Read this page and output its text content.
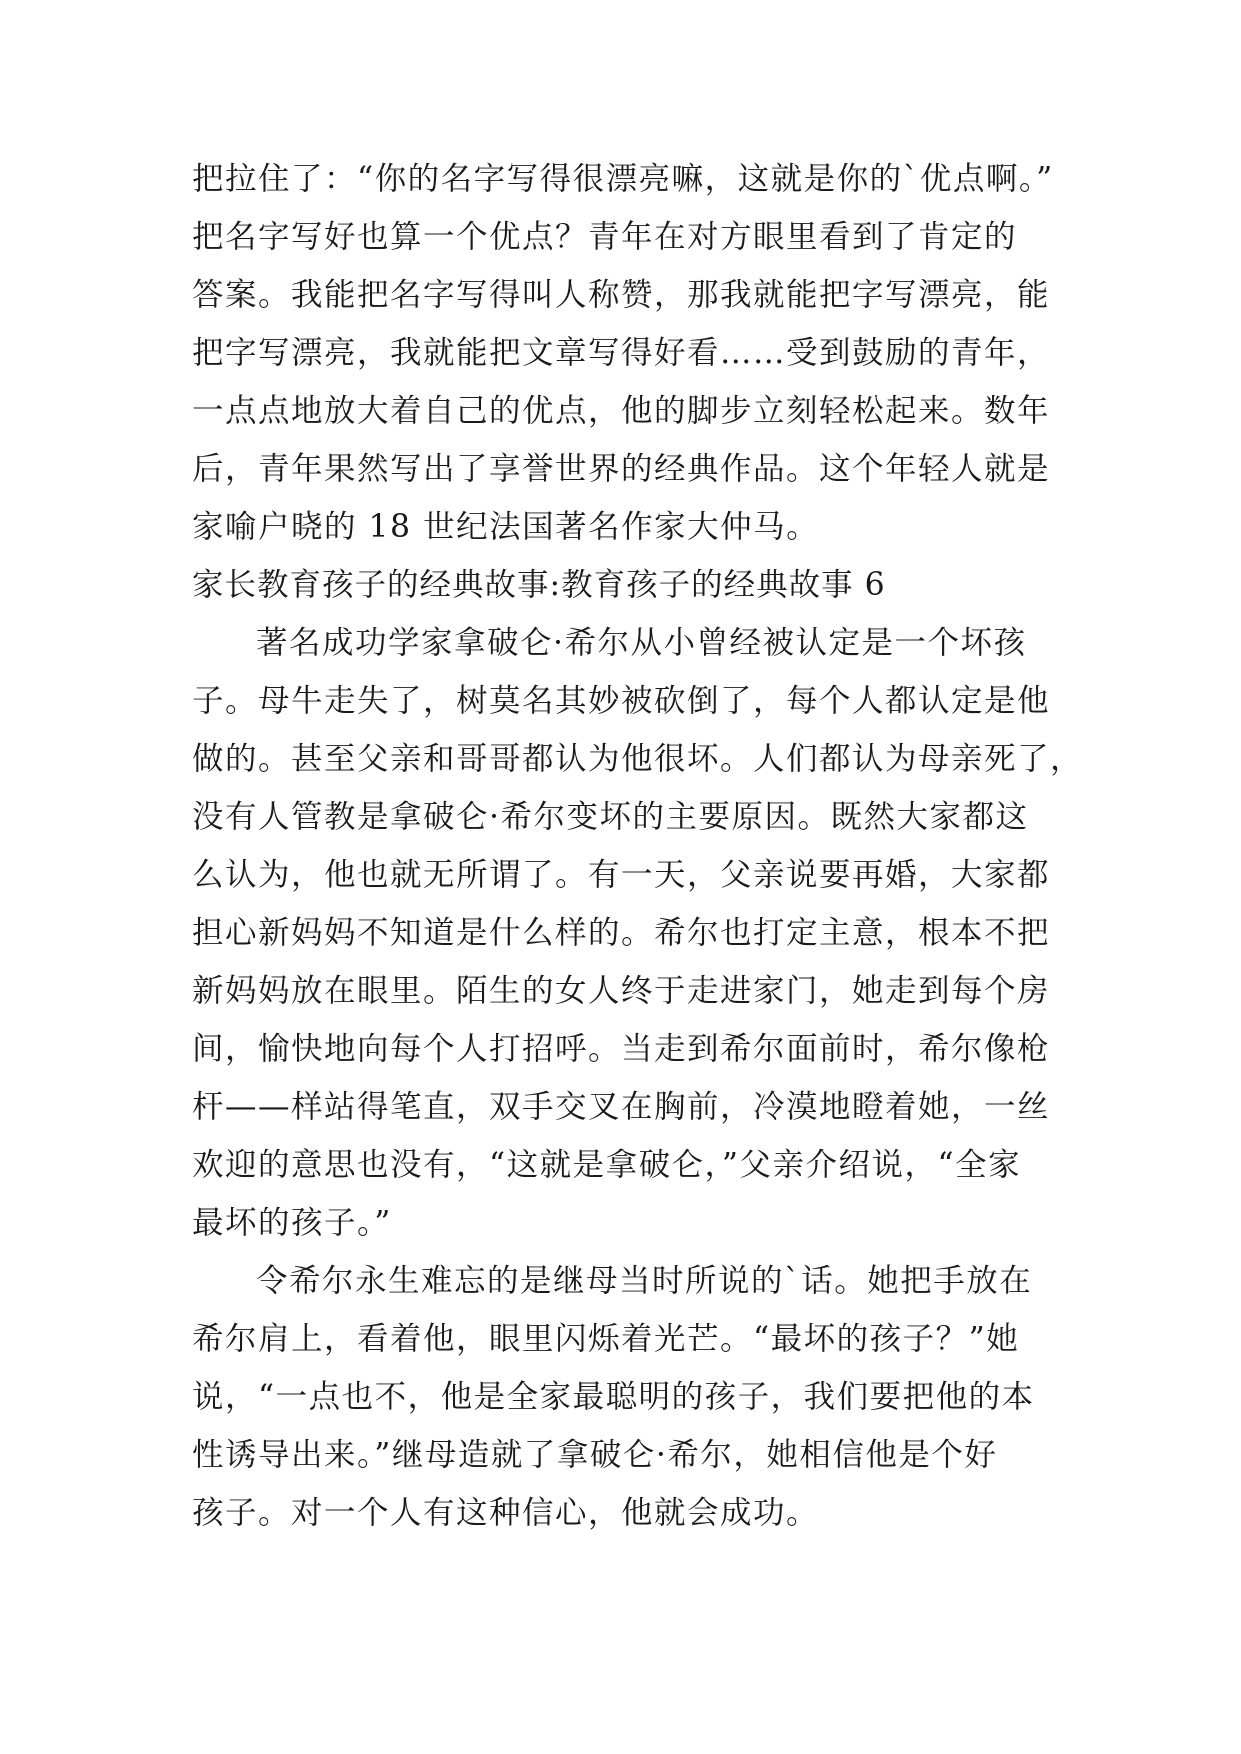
把拉住了：“你的名字写得很漂亮嘛，这就是你的`优点啊。”
把名字写好也算一个优点？青年在对方眼里看到了肯定的
答案。我能把名字写得叫人称赞，那我就能把字写漂亮，能
把字写漂亮，我就能把文章写得好看……受到鼓励的青年，
一点点地放大着自己的优点，他的脚步立刻轻松起来。数年
后，青年果然写出了享誉世界的经典作品。这个年轻人就是
家喻户晓的 18 世纪法国著名作家大仲马。
家长教育孩子的经典故事:教育孩子的经典故事 6
著名成功学家拿破仑·希尔从小曾经被认定是一个坏孩
子。母牛走失了，树莫名其妙被砍倒了，每个人都认定是他
做的。甚至父亲和哥哥都认为他很坏。人们都认为母亲死了，
没有人管教是拿破仑·希尔变坏的主要原因。既然大家都这
么认为，他也就无所谓了。有一天，父亲说要再婚，大家都
担心新妈妈不知道是什么样的。希尔也打定主意，根本不把
新妈妈放在眼里。陌生的女人终于走进家门，她走到每个房
间，愉快地向每个人打招呼。当走到希尔面前时，希尔像枪
杆——样站得笔直，双手交叉在胸前，冷漠地瞪着她，一丝
欢迎的意思也没有，“这就是拿破仑，”父亲介绍说，“全家
最坏的孩子。”
令希尔永生难忘的是继母当时所说的`话。她把手放在
希尔肩上，看着他，眼里闪烁着光芒。“最坏的孩子？”她
说，“一点也不，他是全家最聪明的孩子，我们要把他的本
性诱导出来。”继母造就了拿破仑·希尔，她相信他是个好
孩子。对一个人有这种信心，他就会成功。
